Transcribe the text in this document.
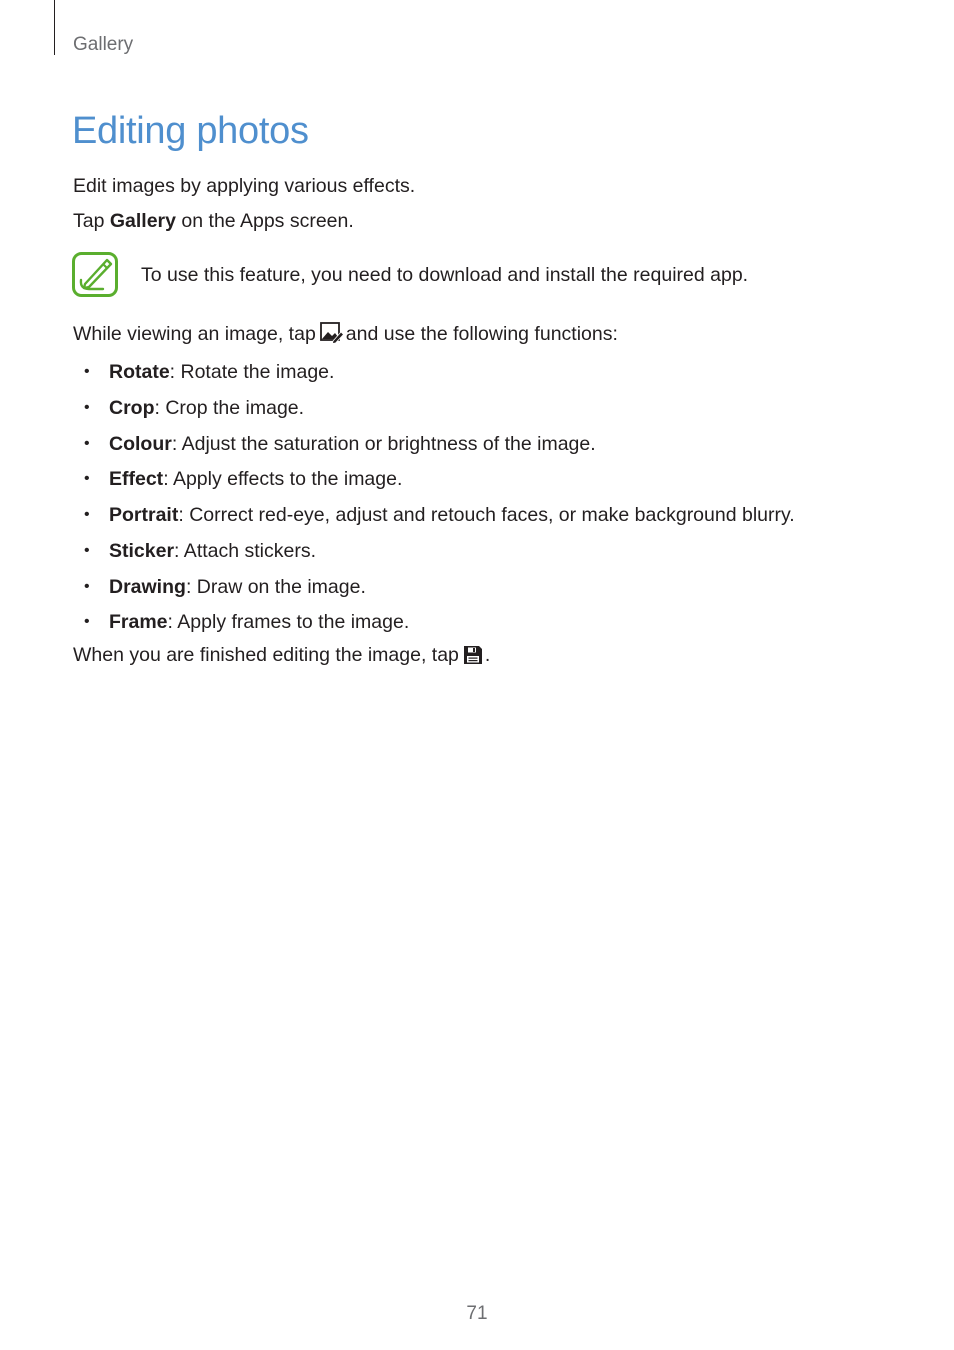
Gallery
Editing photos
Edit images by applying various effects.
Tap Gallery on the Apps screen.
To use this feature, you need to download and install the required app.
While viewing an image, tap and use the following functions:
• Rotate: Rotate the image.
• Crop: Crop the image.
• Colour: Adjust the saturation or brightness of the image.
• Effect: Apply effects to the image.
• Portrait: Correct red-eye, adjust and retouch faces, or make background blurry.
• Sticker: Attach stickers.
• Drawing: Draw on the image.
• Frame: Apply frames to the image.
When you are finished editing the image, tap .
71
